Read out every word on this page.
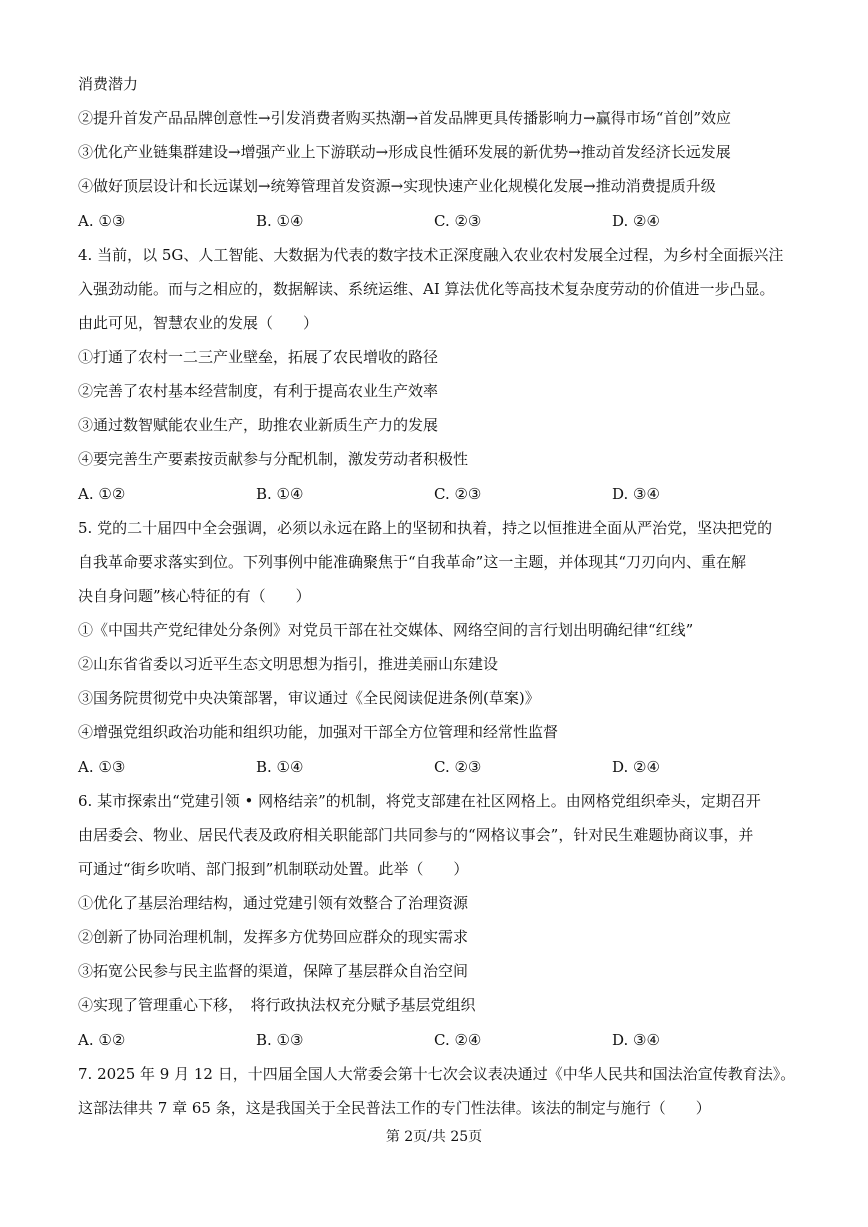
消费潜力
②提升首发产品品牌创意性→引发消费者购买热潮→首发品牌更具传播影响力→赢得市场“首创”效应
③优化产业链集群建设→增强产业上下游联动→形成良性循环发展的新优势→推动首发经济长远发展
④做好顶层设计和长远谋划→统筹管理首发资源→实现快速产业化规模化发展→推动消费提质升级
A. ①③	B. ①④	C. ②③	D. ②④
4. 当前，以 5G、人工智能、大数据为代表的数字技术正深度融入农业农村发展全过程，为乡村全面振兴注
入强劲动能。而与之相应的，数据解读、系统运维、AI 算法优化等高技术复杂度劳动的价值进一步凸显。
由此可见，智慧农业的发展（　　）
①打通了农村一二三产业壁垒，拓展了农民增收的路径
②完善了农村基本经营制度，有利于提高农业生产效率
③通过数智赋能农业生产，助推农业新质生产力的发展
④要完善生产要素按贡献参与分配机制，激发劳动者积极性
A. ①②	B. ①④	C. ②③	D. ③④
5. 党的二十届四中全会强调，必须以永远在路上的坚韧和执着，持之以恒推进全面从严治党，坚决把党的
自我革命要求落实到位。下列事例中能准确聚焦于“自我革命”这一主题，并体现其“刀刃向内、重在解
决自身问题”核心特征的有（　　）
①《中国共产党纪律处分条例》对党员干部在社交媒体、网络空间的言行划出明确纪律“红线”
②山东省省委以习近平生态文明思想为指引，推进美丽山东建设
③国务院贯彻党中央决策部署，审议通过《全民阅读促进条例(草案)》
④增强党组织政治功能和组织功能，加强对干部全方位管理和经常性监督
A. ①③	B. ①④	C. ②③	D. ②④
6. 某市探索出“党建引领 • 网格结亲”的机制，将党支部建在社区网格上。由网格党组织牵头，定期召开
由居委会、物业、居民代表及政府相关职能部门共同参与的“网格议事会”，针对民生难题协商议事，并
可通过“街乡吹哨、部门报到”机制联动处置。此举（　　）
①优化了基层治理结构，通过党建引领有效整合了治理资源
②创新了协同治理机制，发挥多方优势回应群众的现实需求
③拓宽公民参与民主监督的渠道，保障了基层群众自治空间
④实现了管理重心下移，　将行政执法权充分赋予基层党组织
A. ①②	B. ①③	C. ②④	D. ③④
7. 2025 年 9 月 12 日，十四届全国人大常委会第十七次会议表决通过《中华人民共和国法治宣传教育法》。
这部法律共 7 章 65 条，这是我国关于全民普法工作的专门性法律。该法的制定与施行（　　）
第 2页/共 25页
